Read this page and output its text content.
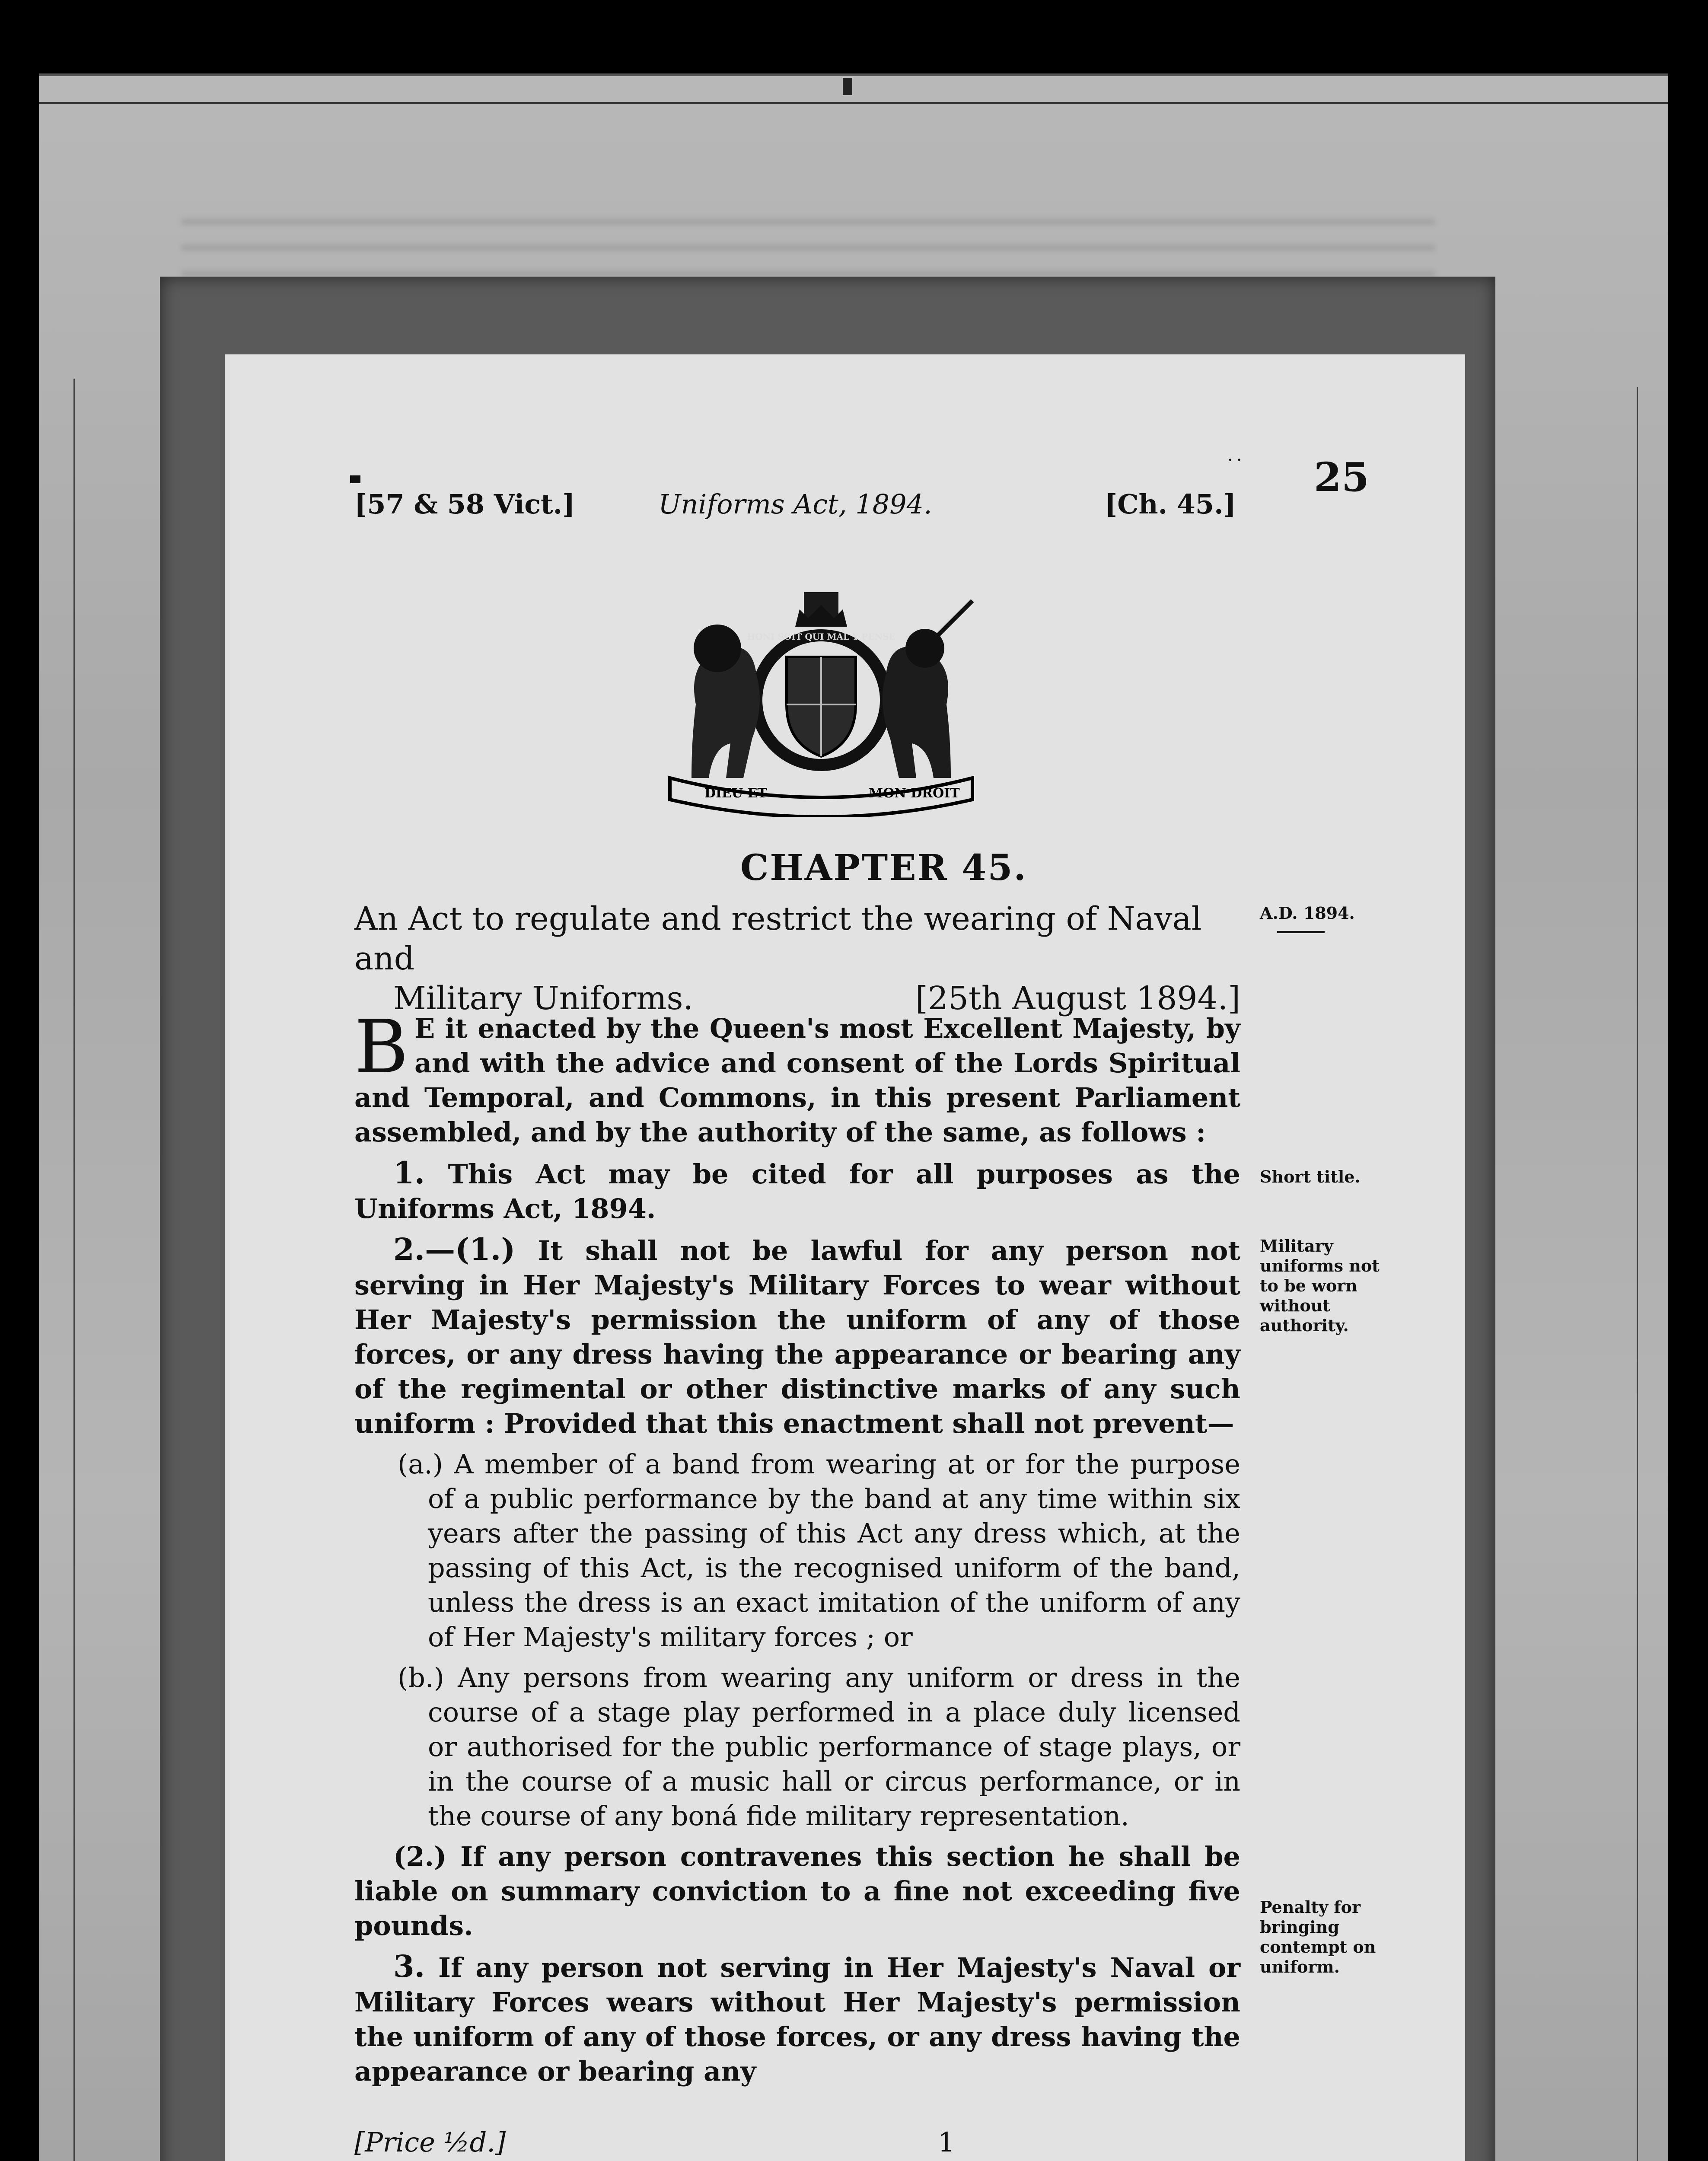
.. 25
[57 & 58 Vict.]	Uniforms Act, 1894.	[Ch. 45.]
DIEU ET	MON DROIT
HONI SOIT QUI MAL Y PENSE
CHAPTER 45.
An Act to regulate and restrict the wearing of Naval and
Military Uniforms.	[25th August 1894.]
A.D. 1894.
Short title.
Military uniforms not to be worn without authority.
Penalty for bringing contempt on uniform.

B E it enacted by the Queen's most Excellent Majesty, by and with the advice and consent of the Lords Spiritual and Temporal, and Commons, in this present Parliament assembled, and by the authority of the same, as follows :

1. This Act may be cited for all purposes as the Uniforms Act, 1894.

2.—(1.) It shall not be lawful for any person not serving in Her Majesty's Military Forces to wear without Her Majesty's permission the uniform of any of those forces, or any dress having the appearance or bearing any of the regimental or other distinctive marks of any such uniform : Provided that this enactment shall not prevent—

(a.) A member of a band from wearing at or for the purpose of a public performance by the band at any time within six years after the passing of this Act any dress which, at the passing of this Act, is the recognised uniform of the band, unless the dress is an exact imitation of the uniform of any of Her Majesty's military forces ; or

(b.) Any persons from wearing any uniform or dress in the course of a stage play performed in a place duly licensed or authorised for the public performance of stage plays, or in the course of a music hall or circus performance, or in the course of any boná fide military representation.

(2.) If any person contravenes this section he shall be liable on summary conviction to a fine not exceeding five pounds.

3. If any person not serving in Her Majesty's Naval or Military Forces wears without Her Majesty's permission the uniform of any of those forces, or any dress having the appearance or bearing any

[Price ½d.]	1
